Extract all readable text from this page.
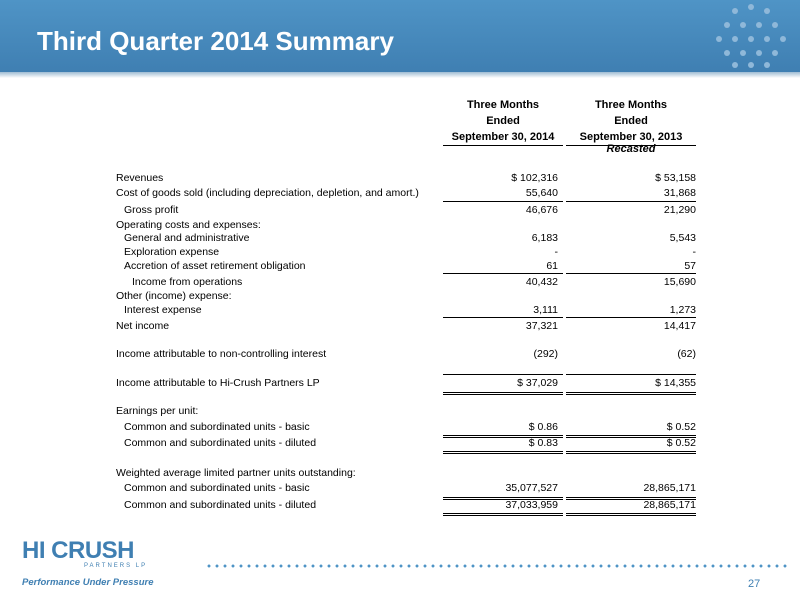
Third Quarter 2014 Summary
Three Months
Ended
September 30, 2014
Three Months
Ended
September 30, 2013
Recasted
Revenues	$ 102,316	$ 53,158
Cost of goods sold (including depreciation, depletion, and amort.)	55,640	31,868
Gross profit	46,676	21,290
Operating costs and expenses:
General and administrative	6,183	5,543
Exploration expense	-	-
Accretion of asset retirement obligation	61	57
Income from operations	40,432	15,690
Other (income) expense:
Interest expense	3,111	1,273
Net income	37,321	14,417
Income attributable to non-controlling interest	(292)	(62)
Income attributable to Hi-Crush Partners LP	$ 37,029	$ 14,355
Earnings per unit:
Common and subordinated units - basic	$ 0.86	$ 0.52
Common and subordinated units - diluted	$ 0.83	$ 0.52
Weighted average limited partner units outstanding:
Common and subordinated units - basic	35,077,527	28,865,171
Common and subordinated units - diluted	37,033,959	28,865,171
HI CRUSH
PARTNERS LP
Performance Under Pressure	27
